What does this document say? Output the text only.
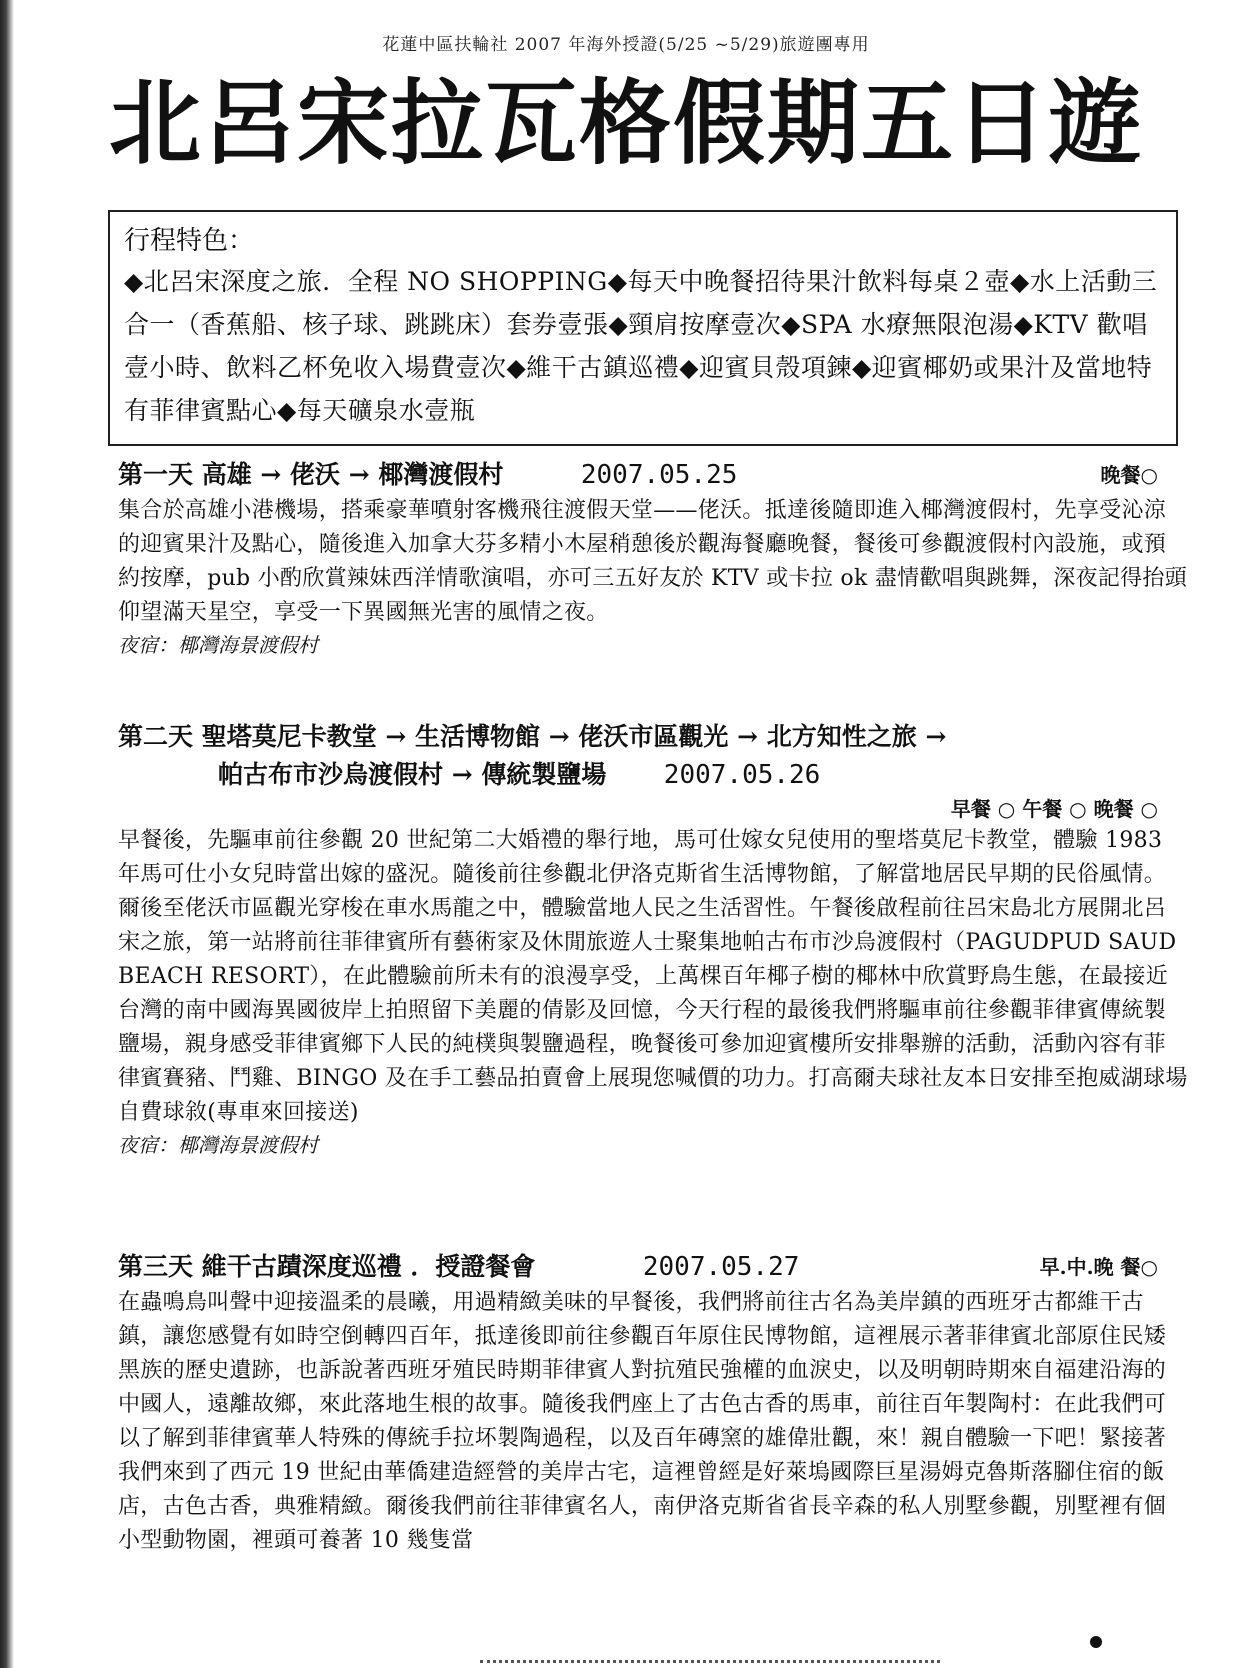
花蓮中區扶輪社 2007 年海外授證(5/25 ~5/29)旅遊團專用
北呂宋拉瓦格假期五日遊
行程特色：
◆北呂宋深度之旅．全程 NO SHOPPING◆每天中晚餐招待果汁飲料每桌２壺◆水上活動三合一（香蕉船、核子球、跳跳床）套券壹張◆頸肩按摩壹次◆SPA 水療無限泡湯◆KTV 歡唱壹小時、飲料乙杯免收入場費壹次◆維干古鎮巡禮◆迎賓貝殼項鍊◆迎賓椰奶或果汁及當地特有菲律賓點心◆每天礦泉水壹瓶
第一天 高雄 → 佬沃 → 椰灣渡假村	2007.05.25	晚餐○
集合於高雄小港機場，搭乘豪華噴射客機飛往渡假天堂——佬沃。抵達後隨即進入椰灣渡假村，先享受沁涼的迎賓果汁及點心，隨後進入加拿大芬多精小木屋稍憩後於觀海餐廳晚餐，餐後可參觀渡假村內設施，或預約按摩，pub 小酌欣賞辣妹西洋情歌演唱，亦可三五好友於 KTV 或卡拉 ok 盡情歡唱與跳舞，深夜記得抬頭仰望滿天星空，享受一下異國無光害的風情之夜。
夜宿：椰灣海景渡假村
第二天 聖塔莫尼卡教堂 → 生活博物館 → 佬沃市區觀光 → 北方知性之旅 →
帕古布市沙烏渡假村 → 傳統製鹽場 2007.05.26
早餐 ○ 午餐 ○ 晚餐 ○
早餐後，先驅車前往參觀 20 世紀第二大婚禮的舉行地，馬可仕嫁女兒使用的聖塔莫尼卡教堂，體驗 1983 年馬可仕小女兒時當出嫁的盛況。隨後前往參觀北伊洛克斯省生活博物館，了解當地居民早期的民俗風情。爾後至佬沃市區觀光穿梭在車水馬龍之中，體驗當地人民之生活習性。午餐後啟程前往呂宋島北方展開北呂宋之旅，第一站將前往菲律賓所有藝術家及休閒旅遊人士聚集地帕古布市沙烏渡假村（PAGUDPUD SAUD BEACH RESORT），在此體驗前所未有的浪漫享受，上萬棵百年椰子樹的椰林中欣賞野鳥生態，在最接近台灣的南中國海異國彼岸上拍照留下美麗的倩影及回憶，今天行程的最後我們將驅車前往參觀菲律賓傳統製鹽場，親身感受菲律賓鄉下人民的純樸與製鹽過程，晚餐後可參加迎賓樓所安排舉辦的活動，活動內容有菲律賓賽豬、鬥雞、BINGO 及在手工藝品拍賣會上展現您喊價的功力。打高爾夫球社友本日安排至抱威湖球場自費球敘(專車來回接送)
夜宿：椰灣海景渡假村
第三天 維干古蹟深度巡禮 ．授證餐會	2007.05.27	早.中.晚 餐○
在蟲鳴鳥叫聲中迎接溫柔的晨曦，用過精緻美味的早餐後，我們將前往古名為美岸鎮的西班牙古都維干古鎮，讓您感覺有如時空倒轉四百年，抵達後即前往參觀百年原住民博物館，這裡展示著菲律賓北部原住民矮黑族的歷史遺跡，也訴說著西班牙殖民時期菲律賓人對抗殖民強權的血淚史，以及明朝時期來自福建沿海的中國人，遠離故鄉，來此落地生根的故事。隨後我們座上了古色古香的馬車，前往百年製陶村：在此我們可以了解到菲律賓華人特殊的傳統手拉坏製陶過程，以及百年磚窯的雄偉壯觀，來！親自體驗一下吧！緊接著我們來到了西元 19 世紀由華僑建造經營的美岸古宅，這裡曾經是好萊塢國際巨星湯姆克魯斯落腳住宿的飯店，古色古香，典雅精緻。爾後我們前往菲律賓名人，南伊洛克斯省省長辛森的私人別墅參觀，別墅裡有個小型動物園，裡頭可養著 10 幾隻當
